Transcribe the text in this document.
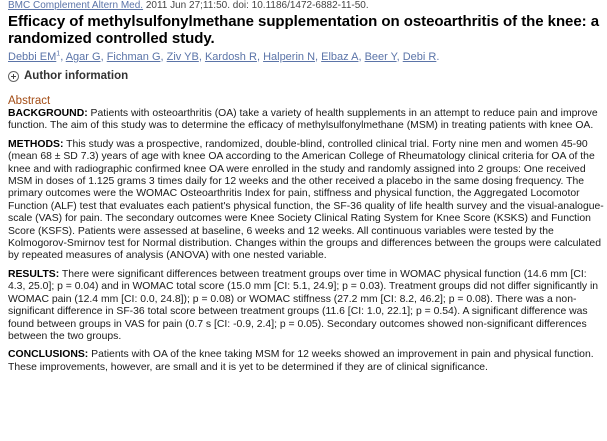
BMC Complement Altern Med. 2011 Jun 27;11:50. doi: 10.1186/1472-6882-11-50.
Efficacy of methylsulfonylmethane supplementation on osteoarthritis of the knee: a randomized controlled study.
Debbi $EM^1$, Agar G, Fichman G, Ziv YB, Kardosh R, Halperin N, Elbaz A, Beer Y, Debi R.
Author information
Abstract

BACKGROUND: Patients with osteoarthritis (OA) take a variety of health supplements in an attempt to reduce pain and improve function. The aim of this study was to determine the efficacy of methylsulfonylmethane (MSM) in treating patients with knee OA.

METHODS: This study was a prospective, randomized, double-blind, controlled clinical trial. Forty nine men and women 45-90 (mean 68 ± SD 7.3) years of age with knee OA according to the American College of Rheumatology clinical criteria for OA of the knee and with radiographic confirmed knee OA were enrolled in the study and randomly assigned into 2 groups: One received MSM in doses of 1.125 grams 3 times daily for 12 weeks and the other received a placebo in the same dosing frequency. The primary outcomes were the WOMAC Osteoarthritis Index for pain, stiffness and physical function, the Aggregated Locomotor Function (ALF) test that evaluates each patient's physical function, the SF-36 quality of life health survey and the visual-analogue-scale (VAS) for pain. The secondary outcomes were Knee Society Clinical Rating System for Knee Score (KSKS) and Function Score (KSFS). Patients were assessed at baseline, 6 weeks and 12 weeks. All continuous variables were tested by the Kolmogorov-Smirnov test for Normal distribution. Changes within the groups and differences between the groups were calculated by repeated measures of analysis (ANOVA) with one nested variable.

RESULTS: There were significant differences between treatment groups over time in WOMAC physical function (14.6 mm [CI: 4.3, 25.0]; p = 0.04) and in WOMAC total score (15.0 mm [CI: 5.1, 24.9]; p = 0.03). Treatment groups did not differ significantly in WOMAC pain (12.4 mm [CI: 0.0, 24.8]); p = 0.08) or WOMAC stiffness (27.2 mm [CI: 8.2, 46.2]; p = 0.08). There was a non-significant difference in SF-36 total score between treatment groups (11.6 [CI: 1.0, 22.1]; p = 0.54). A significant difference was found between groups in VAS for pain (0.7 s [CI: -0.9, 2.4]; p = 0.05). Secondary outcomes showed non-significant differences between the two groups.

CONCLUSIONS: Patients with OA of the knee taking MSM for 12 weeks showed an improvement in pain and physical function. These improvements, however, are small and it is yet to be determined if they are of clinical significance.
